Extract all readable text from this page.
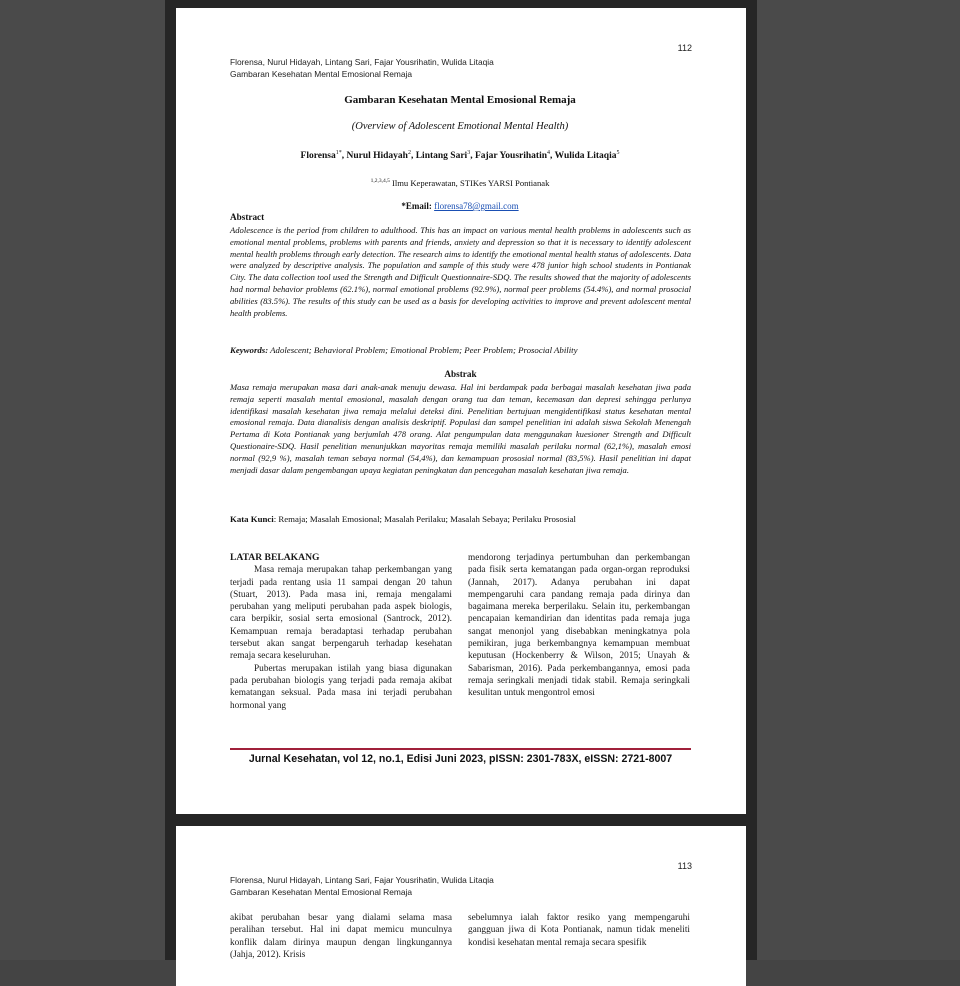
Florensa, Nurul Hidayah, Lintang Sari, Fajar Yousrihatin, Wulida Litaqia
Gambaran Kesehatan Mental Emosional Remaja
112
Gambaran Kesehatan Mental Emosional Remaja
(Overview of Adolescent Emotional Mental Health)
Florensa$^{1*}$, Nurul Hidayah$^2$, Lintang Sari$^3$, Fajar Yousrihatin$^4$, Wulida Litaqia$^5$
$^{1,2,3,4,5}$ Ilmu Keperawatan, STIKes YARSI Pontianak
*Email: florensa78@gmail.com
Abstract
Adolescence is the period from children to adulthood. This has an impact on various mental health problems in adolescents such as emotional mental problems, problems with parents and friends, anxiety and depression so that it is necessary to identify adolescent mental health problems through early detection. The research aims to identify the emotional mental health status of adolescents. Data were analyzed by descriptive analysis. The population and sample of this study were 478 junior high school students in Pontianak City. The data collection tool used the Strength and Difficult Questionnaire-SDQ. The results showed that the majority of adolescents had normal behavior problems (62.1%), normal emotional problems (92.9%), normal peer problems (54.4%), and normal prosocial abilities (83.5%). The results of this study can be used as a basis for developing activities to improve and prevent adolescent mental health problems.
Keywords: Adolescent; Behavioral Problem; Emotional Problem; Peer Problem; Prosocial Ability
Abstrak
Masa remaja merupakan masa dari anak-anak menuju dewasa. Hal ini berdampak pada berbagai masalah kesehatan jiwa pada remaja seperti masalah mental emosional, masalah dengan orang tua dan teman, kecemasan dan depresi sehingga perlunya identifikasi masalah kesehatan jiwa remaja melalui deteksi dini. Penelitian bertujuan mengidentifikasi status kesehatan mental emosional remaja. Data dianalisis dengan analisis deskriptif. Populasi dan sampel penelitian ini adalah siswa Sekolah Menengah Pertama di Kota Pontianak yang berjumlah 478 orang. Alat pengumpulan data menggunakan kuesioner Strength and Difficult Questionaire-SDQ. Hasil penelitian menunjukkan mayoritas remaja memiliki masalah perilaku normal (62,1%), masalah emosi normal (92,9 %), masalah teman sebaya normal (54,4%), dan kemampuan prososial normal (83,5%). Hasil penelitian ini dapat menjadi dasar dalam pengembangan upaya kegiatan peningkatan dan pencegahan masalah kesehatan jiwa remaja.
Kata Kunci: Remaja; Masalah Emosional; Masalah Perilaku; Masalah Sebaya; Perilaku Prososial
LATAR BELAKANG

Masa remaja merupakan tahap perkembangan yang terjadi pada rentang usia 11 sampai dengan 20 tahun (Stuart, 2013). Pada masa ini, remaja mengalami perubahan yang meliputi perubahan pada aspek biologis, cara berpikir, sosial serta emosional (Santrock, 2012). Kemampuan remaja beradaptasi terhadap perubahan tersebut akan sangat berpengaruh terhadap kesehatan remaja secara keseluruhan.

Pubertas merupakan istilah yang biasa digunakan pada perubahan biologis yang terjadi pada remaja akibat kematangan seksual. Pada masa ini terjadi perubahan hormonal yang

mendorong terjadinya pertumbuhan dan perkembangan pada fisik serta kematangan pada organ-organ reproduksi (Jannah, 2017). Adanya perubahan ini dapat mempengaruhi cara pandang remaja pada dirinya dan bagaimana mereka berperilaku. Selain itu, perkembangan pencapaian kemandirian dan identitas pada remaja juga sangat menonjol yang disebabkan meningkatnya pola pemikiran, juga berkembangnya kemampuan membuat keputusan (Hockenberry & Wilson, 2015; Unayah & Sabarisman, 2016). Pada perkembangannya, emosi pada remaja seringkali menjadi tidak stabil. Remaja seringkali kesulitan untuk mengontrol emosi

Jurnal Kesehatan, vol 12, no.1, Edisi Juni 2023, pISSN: 2301-783X, eISSN: 2721-8007
Florensa, Nurul Hidayah, Lintang Sari, Fajar Yousrihatin, Wulida Litaqia
Gambaran Kesehatan Mental Emosional Remaja
113
akibat perubahan besar yang dialami selama masa peralihan tersebut. Hal ini dapat memicu munculnya konflik dalam dirinya maupun dengan lingkungannya (Jahja, 2012). Krisis
sebelumnya ialah faktor resiko yang mempengaruhi gangguan jiwa di Kota Pontianak, namun tidak meneliti kondisi kesehatan mental remaja secara spesifik
